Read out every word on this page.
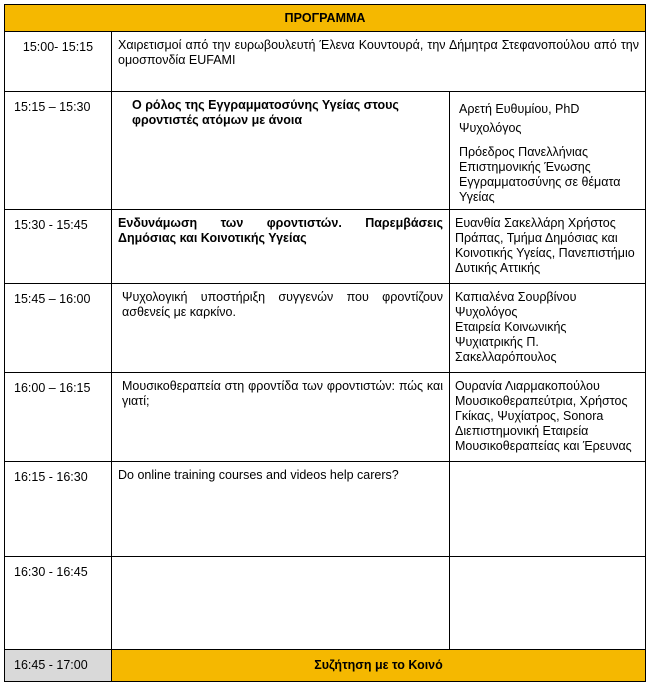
ΠΡΟΓΡΑΜΜΑ		
15:00- 15:15	Χαιρετισμοί από την ευρωβουλευτή Έλενα Κουντουρά, την Δήμητρα Στεφανοπούλου από την ομοσπονδία EUFAMI	
15:15 – 15:30	Ο ρόλος της Εγγραμματοσύνης Υγείας στους φροντιστές ατόμων με άνοια	Αρετή Ευθυμίου, PhD
Ψυχολόγος
Πρόεδρος Πανελλήνιας Επιστημονικής Ένωσης Εγγραμματοσύνης σε θέματα Υγείας

15:30 - 15:45	Ενδυνάμωση των φροντιστών. Παρεμβάσεις Δημόσιας και Κοινοτικής Υγείας	Ευανθία Σακελλάρη Χρήστος Πράπας, Τμήμα Δημόσιας και Κοινοτικής Υγείας, Πανεπιστήμιο Δυτικής Αττικής
15:45 – 16:00	Ψυχολογική υποστήριξη συγγενών που φροντίζουν ασθενείς με καρκίνο.	Καπιαλένα Σουρβίνου
Ψυχολόγος
Εταιρεία Κοινωνικής
Ψυχιατρικής Π.
Σακελλαρόπουλος

16:00 – 16:15	Μουσικοθεραπεία στη φροντίδα των φροντιστών: πώς και γιατί;	Ουρανία Λιαρμακοπούλου Μουσικοθεραπεύτρια, Χρήστος Γκίκας, Ψυχίατρος, Sonora Διεπιστημονική Εταιρεία Μουσικοθεραπείας και Έρευνας
16:15 - 16:30	Do online training courses and videos help carers?	
16:30 - 16:45		
16:45 - 17:00	Συζήτηση με το Κοινό	
